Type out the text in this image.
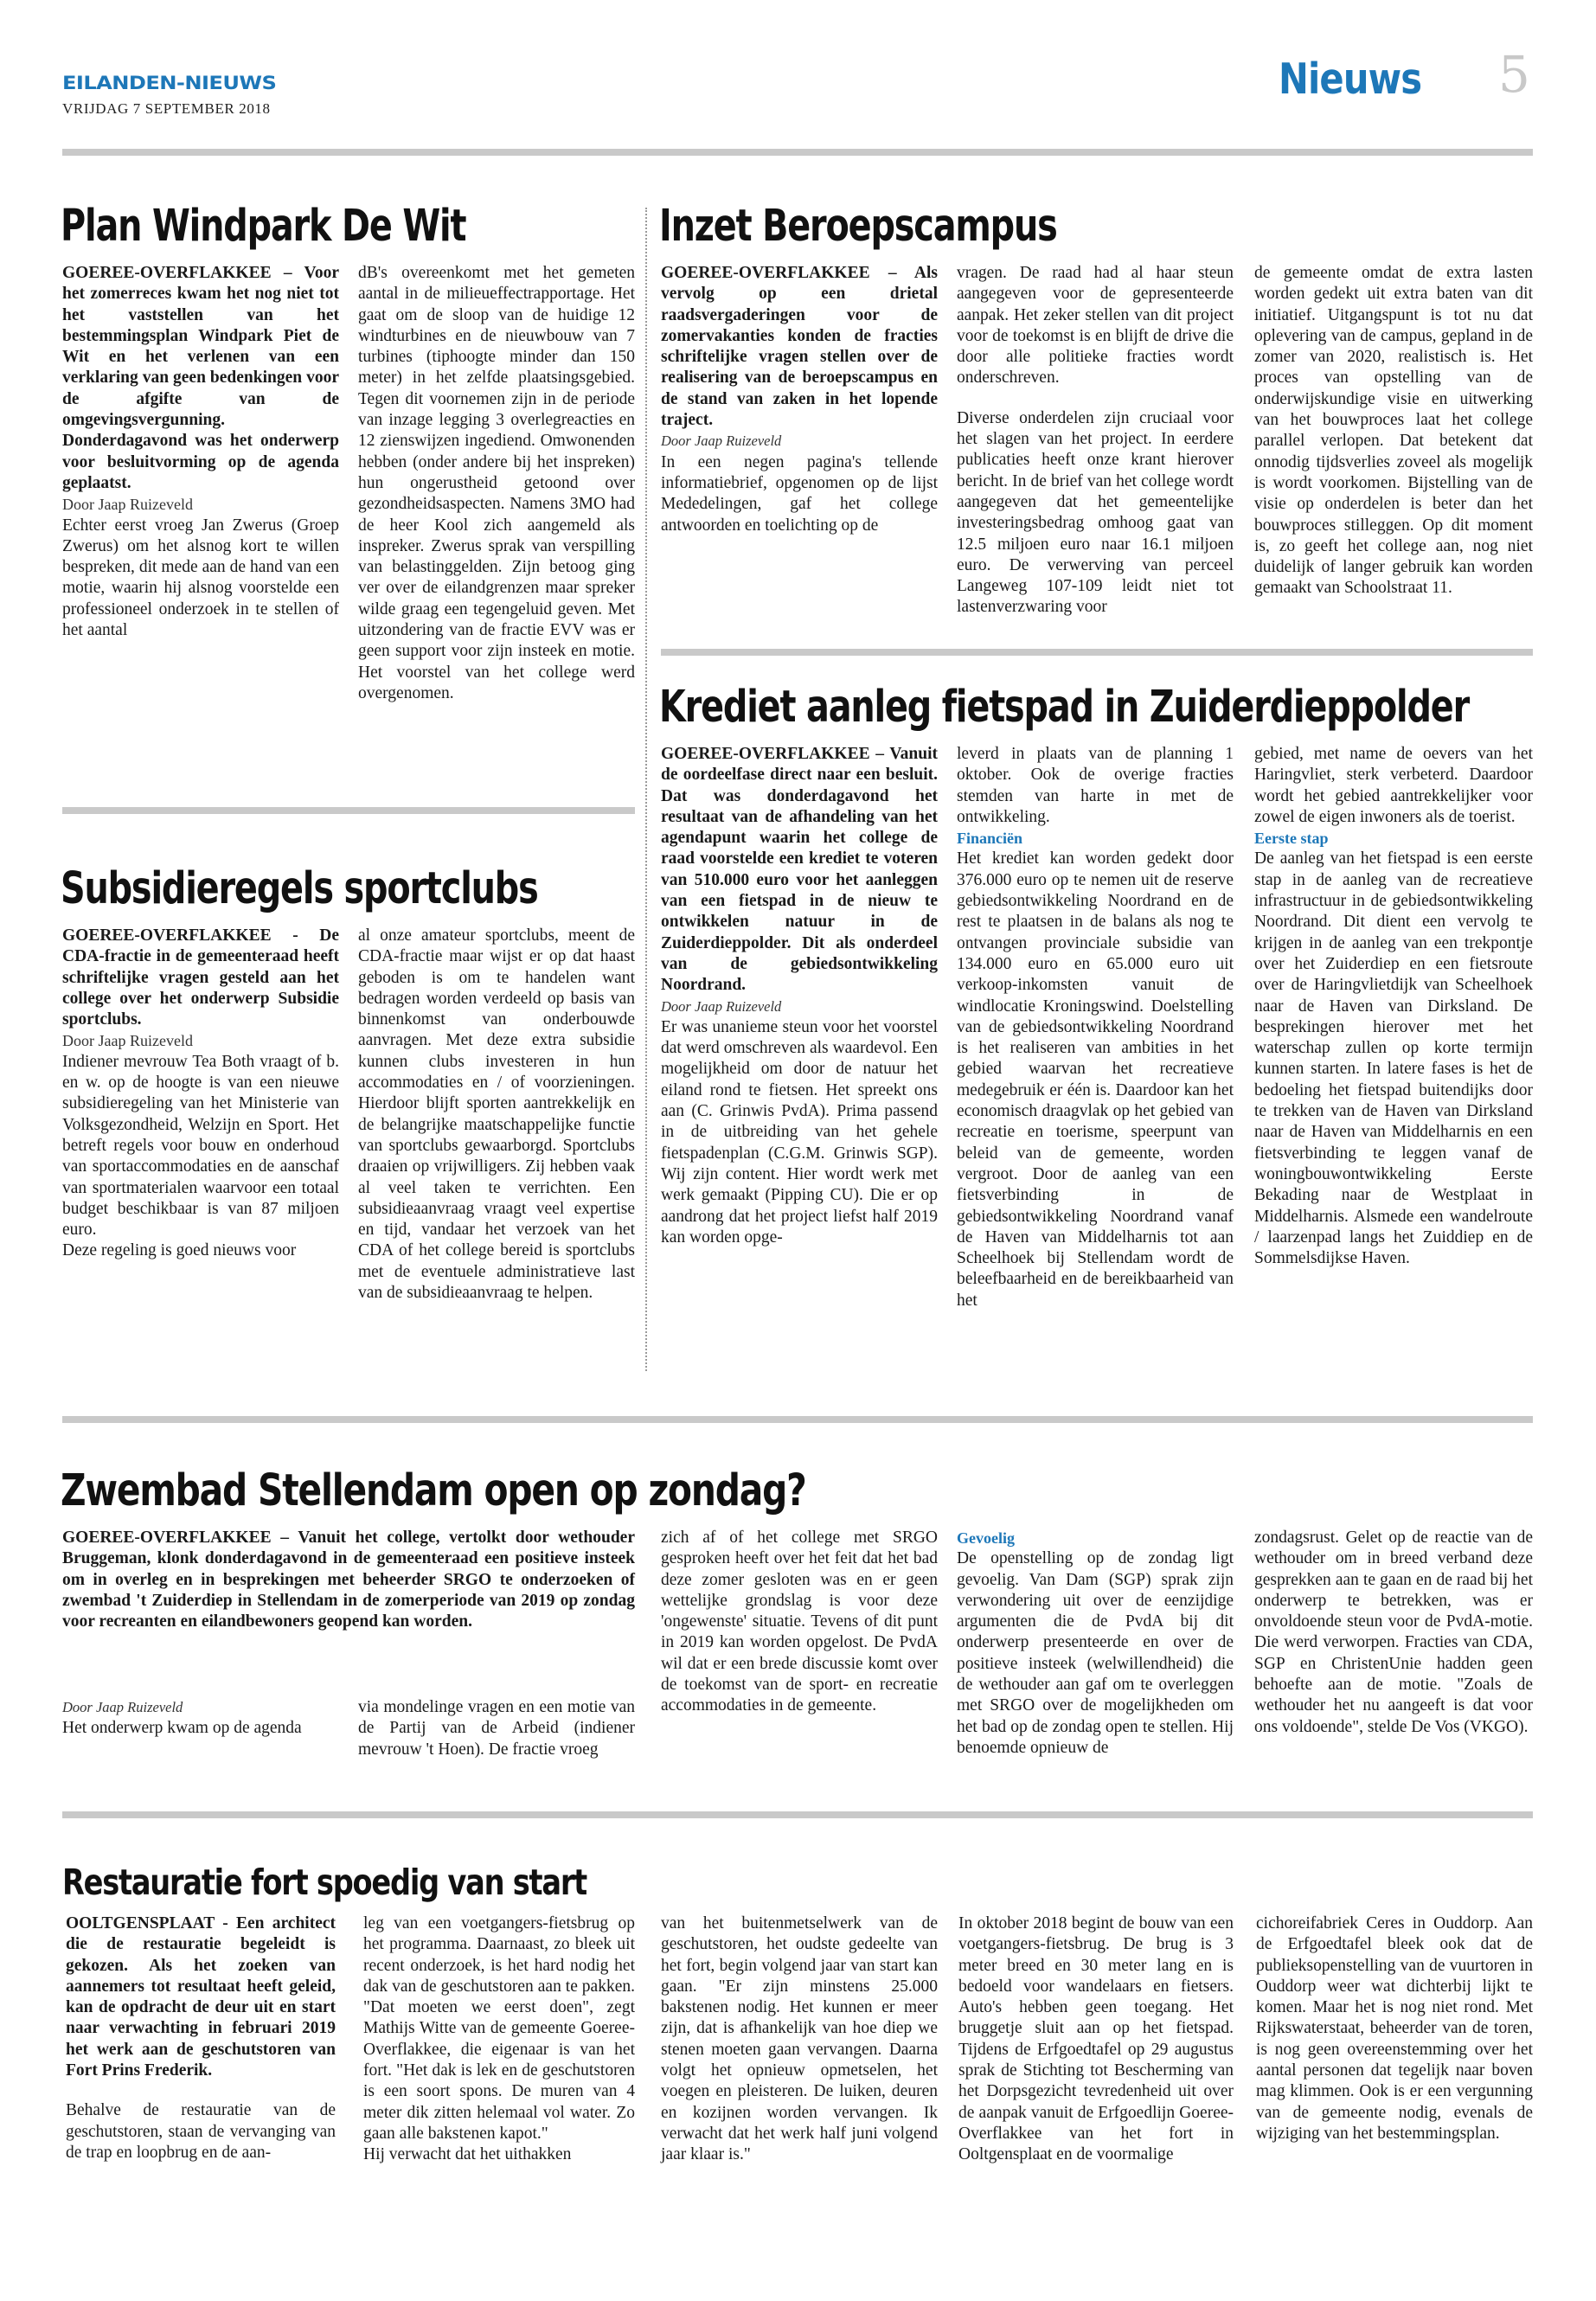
EILANDEN-NIEUWS
VRIJDAG 7 SEPTEMBER 2018
Nieuws 5
Plan Windpark De Wit

GOEREE-OVERFLAKKEE – Voor het zomerreces kwam het nog niet tot het vaststellen van het bestemmingsplan Windpark Piet de Wit en het verlenen van een verklaring van geen bedenkingen voor de afgifte van de omgevingsvergunning. Donderdagavond was het onderwerp voor besluitvorming op de agenda geplaatst.

Door Jaap Ruizeveld

Echter eerst vroeg Jan Zwerus (Groep Zwerus) om het alsnog kort te willen bespreken, dit mede aan de hand van een motie, waarin hij alsnog voorstelde een professioneel onderzoek in te stellen of het aantal

dB's overeenkomt met het gemeten aantal in de milieueffectrapportage. Het gaat om de sloop van de huidige 12 windturbines en de nieuwbouw van 7 turbines (tiphoogte minder dan 150 meter) in het zelfde plaatsingsgebied. Tegen dit voornemen zijn in de periode van inzage legging 3 overlegreacties en 12 zienswijzen ingediend. Omwonenden hebben (onder andere bij het inspreken) hun ongerustheid getoond over gezondheidsaspecten. Namens 3MO had de heer Kool zich aangemeld als inspreker. Zwerus sprak van verspilling van belastinggelden. Zijn betoog ging ver over de eilandgrenzen maar spreker wilde graag een tegengeluid geven. Met uitzondering van de fractie EVV was er geen support voor zijn insteek en motie. Het voorstel van het college werd overgenomen.

Subsidieregels sportclubs

GOEREE-OVERFLAKKEE - De CDA-fractie in de gemeenteraad heeft schriftelijke vragen gesteld aan het college over het onderwerp Subsidie sportclubs.

Door Jaap Ruizeveld

Indiener mevrouw Tea Both vraagt of b. en w. op de hoogte is van een nieuwe subsidieregeling van het Ministerie van Volksgezondheid, Welzijn en Sport. Het betreft regels voor bouw en onderhoud van sportaccommodaties en de aanschaf van sportmaterialen waarvoor een totaal budget beschikbaar is van 87 miljoen euro.

Deze regeling is goed nieuws voor

al onze amateur sportclubs, meent de CDA-fractie maar wijst er op dat haast geboden is om te handelen want bedragen worden verdeeld op basis van binnenkomst van onderbouwde aanvragen. Met deze extra subsidie kunnen clubs investeren in hun accommodaties en / of voorzieningen. Hierdoor blijft sporten aantrekkelijk en de belangrijke maatschappelijke functie van sportclubs gewaarborgd. Sportclubs draaien op vrijwilligers. Zij hebben vaak al veel taken te verrichten. Een subsidieaanvraag vraagt veel expertise en tijd, vandaar het verzoek van het CDA of het college bereid is sportclubs met de eventuele administratieve last van de subsidieaanvraag te helpen.

Inzet Beroepscampus

GOEREE-OVERFLAKKEE – Als vervolg op een drietal raadsvergaderingen voor de zomervakanties konden de fracties schriftelijke vragen stellen over de realisering van de beroepscampus en de stand van zaken in het lopende traject.

Door Jaap Ruizeveld

In een negen pagina's tellende informatiebrief, opgenomen op de lijst Mededelingen, gaf het college antwoorden en toelichting op de

vragen. De raad had al haar steun aangegeven voor de gepresenteerde aanpak. Het zeker stellen van dit project voor de toekomst is en blijft de drive die door alle politieke fracties wordt onderschreven.

Diverse onderdelen zijn cruciaal voor het slagen van het project. In eerdere publicaties heeft onze krant hierover bericht. In de brief van het college wordt aangegeven dat het gemeentelijke investeringsbedrag omhoog gaat van 12.5 miljoen euro naar 16.1 miljoen euro. De verwerving van perceel Langeweg 107-109 leidt niet tot lastenverzwaring voor

de gemeente omdat de extra lasten worden gedekt uit extra baten van dit initiatief. Uitgangspunt is tot nu dat oplevering van de campus, gepland in de zomer van 2020, realistisch is. Het proces van opstelling van de onderwijskundige visie en uitwerking van het bouwproces laat het college parallel verlopen. Dat betekent dat onnodig tijdsverlies zoveel als mogelijk is wordt voorkomen. Bijstelling van de visie op onderdelen is beter dan het bouwproces stilleggen. Op dit moment is, zo geeft het college aan, nog niet duidelijk of langer gebruik kan worden gemaakt van Schoolstraat 11.

Krediet aanleg fietspad in Zuiderdieppolder

GOEREE-OVERFLAKKEE – Vanuit de oordeelfase direct naar een besluit. Dat was donderdagavond het resultaat van de afhandeling van het agendapunt waarin het college de raad voorstelde een krediet te voteren van 510.000 euro voor het aanleggen van een fietspad in de nieuw te ontwikkelen natuur in de Zuiderdieppolder. Dit als onderdeel van de gebiedsontwikkeling Noordrand.

Door Jaap Ruizeveld

Er was unanieme steun voor het voorstel dat werd omschreven als waardevol. Een mogelijkheid om door de natuur het eiland rond te fietsen. Het spreekt ons aan (C. Grinwis PvdA). Prima passend in de uitbreiding van het gehele fietspadenplan (C.G.M. Grinwis SGP). Wij zijn content. Hier wordt werk met werk gemaakt (Pipping CU). Die er op aandrong dat het project liefst half 2019 kan worden opge-

leverd in plaats van de planning 1 oktober. Ook de overige fracties stemden van harte in met de ontwikkeling.

Financiën

Het krediet kan worden gedekt door 376.000 euro op te nemen uit de reserve gebiedsontwikkeling Noordrand en de rest te plaatsen in de balans als nog te ontvangen provinciale subsidie van 134.000 euro en 65.000 euro uit verkoop-inkomsten vanuit de windlocatie Kroningswind. Doelstelling van de gebiedsontwikkeling Noordrand is het realiseren van ambities in het gebied waarvan het recreatieve medegebruik er één is. Daardoor kan het economisch draagvlak op het gebied van recreatie en toerisme, speerpunt van beleid van de gemeente, worden vergroot. Door de aanleg van een fietsverbinding in de gebiedsontwikkeling Noordrand vanaf de Haven van Middelharnis tot aan Scheelhoek bij Stellendam wordt de beleefbaarheid en de bereikbaarheid van het

gebied, met name de oevers van het Haringvliet, sterk verbeterd. Daardoor wordt het gebied aantrekkelijker voor zowel de eigen inwoners als de toerist.

Eerste stap

De aanleg van het fietspad is een eerste stap in de aanleg van de recreatieve infrastructuur in de gebiedsontwikkeling Noordrand. Dit dient een vervolg te krijgen in de aanleg van een trekpontje over het Zuiderdiep en een fietsroute over de Haringvlietdijk van Scheelhoek naar de Haven van Dirksland. De besprekingen hierover met het waterschap zullen op korte termijn kunnen starten. In latere fases is het de bedoeling het fietspad buitendijks door te trekken van de Haven van Dirksland naar de Haven van Middelharnis en een fietsverbinding te leggen vanaf de woningbouwontwikkeling Eerste Bekading naar de Westplaat in Middelharnis. Alsmede een wandelroute / laarzenpad langs het Zuiddiep en de Sommelsdijkse Haven.

Zwembad Stellendam open op zondag?
GOEREE-OVERFLAKKEE – Vanuit het college, vertolkt door wethouder Bruggeman, klonk donderdagavond in de gemeenteraad een positieve insteek om in overleg en in besprekingen met beheerder SRGO te onderzoeken of zwembad 't Zuiderdiep in Stellendam in de zomerperiode van 2019 op zondag voor recreanten en eilandbewoners geopend kan worden.

Door Jaap Ruizeveld

Het onderwerp kwam op de agenda

via mondelinge vragen en een motie van de Partij van de Arbeid (indiener mevrouw 't Hoen). De fractie vroeg

zich af of het college met SRGO gesproken heeft over het feit dat het bad deze zomer gesloten was en er geen wettelijke grondslag is voor deze 'ongewenste' situatie. Tevens of dit punt in 2019 kan worden opgelost. De PvdA wil dat er een brede discussie komt over de toekomst van de sport- en recreatie accommodaties in de gemeente.

Gevoelig

De openstelling op de zondag ligt gevoelig. Van Dam (SGP) sprak zijn verwondering uit over de eenzijdige argumenten die de PvdA bij dit onderwerp presenteerde en over de positieve insteek (welwillendheid) die de wethouder aan gaf om te overleggen met SRGO over de mogelijkheden om het bad op de zondag open te stellen. Hij benoemde opnieuw de

zondagsrust. Gelet op de reactie van de wethouder om in breed verband deze gesprekken aan te gaan en de raad bij het onderwerp te betrekken, was er onvoldoende steun voor de PvdA-motie. Die werd verworpen. Fracties van CDA, SGP en ChristenUnie hadden geen behoefte aan de motie. "Zoals de wethouder het nu aangeeft is dat voor ons voldoende", stelde De Vos (VKGO).

Restauratie fort spoedig van start

OOLTGENSPLAAT - Een architect die de restauratie begeleidt is gekozen. Als het zoeken van aannemers tot resultaat heeft geleid, kan de opdracht de deur uit en start naar verwachting in februari 2019 het werk aan de geschutstoren van Fort Prins Frederik.

Behalve de restauratie van de geschutstoren, staan de vervanging van de trap en loopbrug en de aan-

leg van een voetgangers-fietsbrug op het programma. Daarnaast, zo bleek uit recent onderzoek, is het hard nodig het dak van de geschutstoren aan te pakken. "Dat moeten we eerst doen", zegt Mathijs Witte van de gemeente Goeree-Overflakkee, die eigenaar is van het fort. "Het dak is lek en de geschutstoren is een soort spons. De muren van 4 meter dik zitten helemaal vol water. Zo gaan alle bakstenen kapot."

Hij verwacht dat het uithakken

van het buitenmetselwerk van de geschutstoren, het oudste gedeelte van het fort, begin volgend jaar van start kan gaan. "Er zijn minstens 25.000 bakstenen nodig. Het kunnen er meer zijn, dat is afhankelijk van hoe diep we stenen moeten gaan vervangen. Daarna volgt het opnieuw opmetselen, het voegen en pleisteren. De luiken, deuren en kozijnen worden vervangen. Ik verwacht dat het werk half juni volgend jaar klaar is."

In oktober 2018 begint de bouw van een voetgangers-fietsbrug. De brug is 3 meter breed en 30 meter lang en is bedoeld voor wandelaars en fietsers. Auto's hebben geen toegang. Het bruggetje sluit aan op het fietspad. Tijdens de Erfgoedtafel op 29 augustus sprak de Stichting tot Bescherming van het Dorpsgezicht tevredenheid uit over de aanpak vanuit de Erfgoedlijn Goeree-Overflakkee van het fort in Ooltgensplaat en de voormalige

cichoreifabriek Ceres in Ouddorp. Aan de Erfgoedtafel bleek ook dat de publieksopenstelling van de vuurtoren in Ouddorp weer wat dichterbij lijkt te komen. Maar het is nog niet rond. Met Rijkswaterstaat, beheerder van de toren, is nog geen overeenstemming over het aantal personen dat tegelijk naar boven mag klimmen. Ook is er een vergunning van de gemeente nodig, evenals de wijziging van het bestemmingsplan.
